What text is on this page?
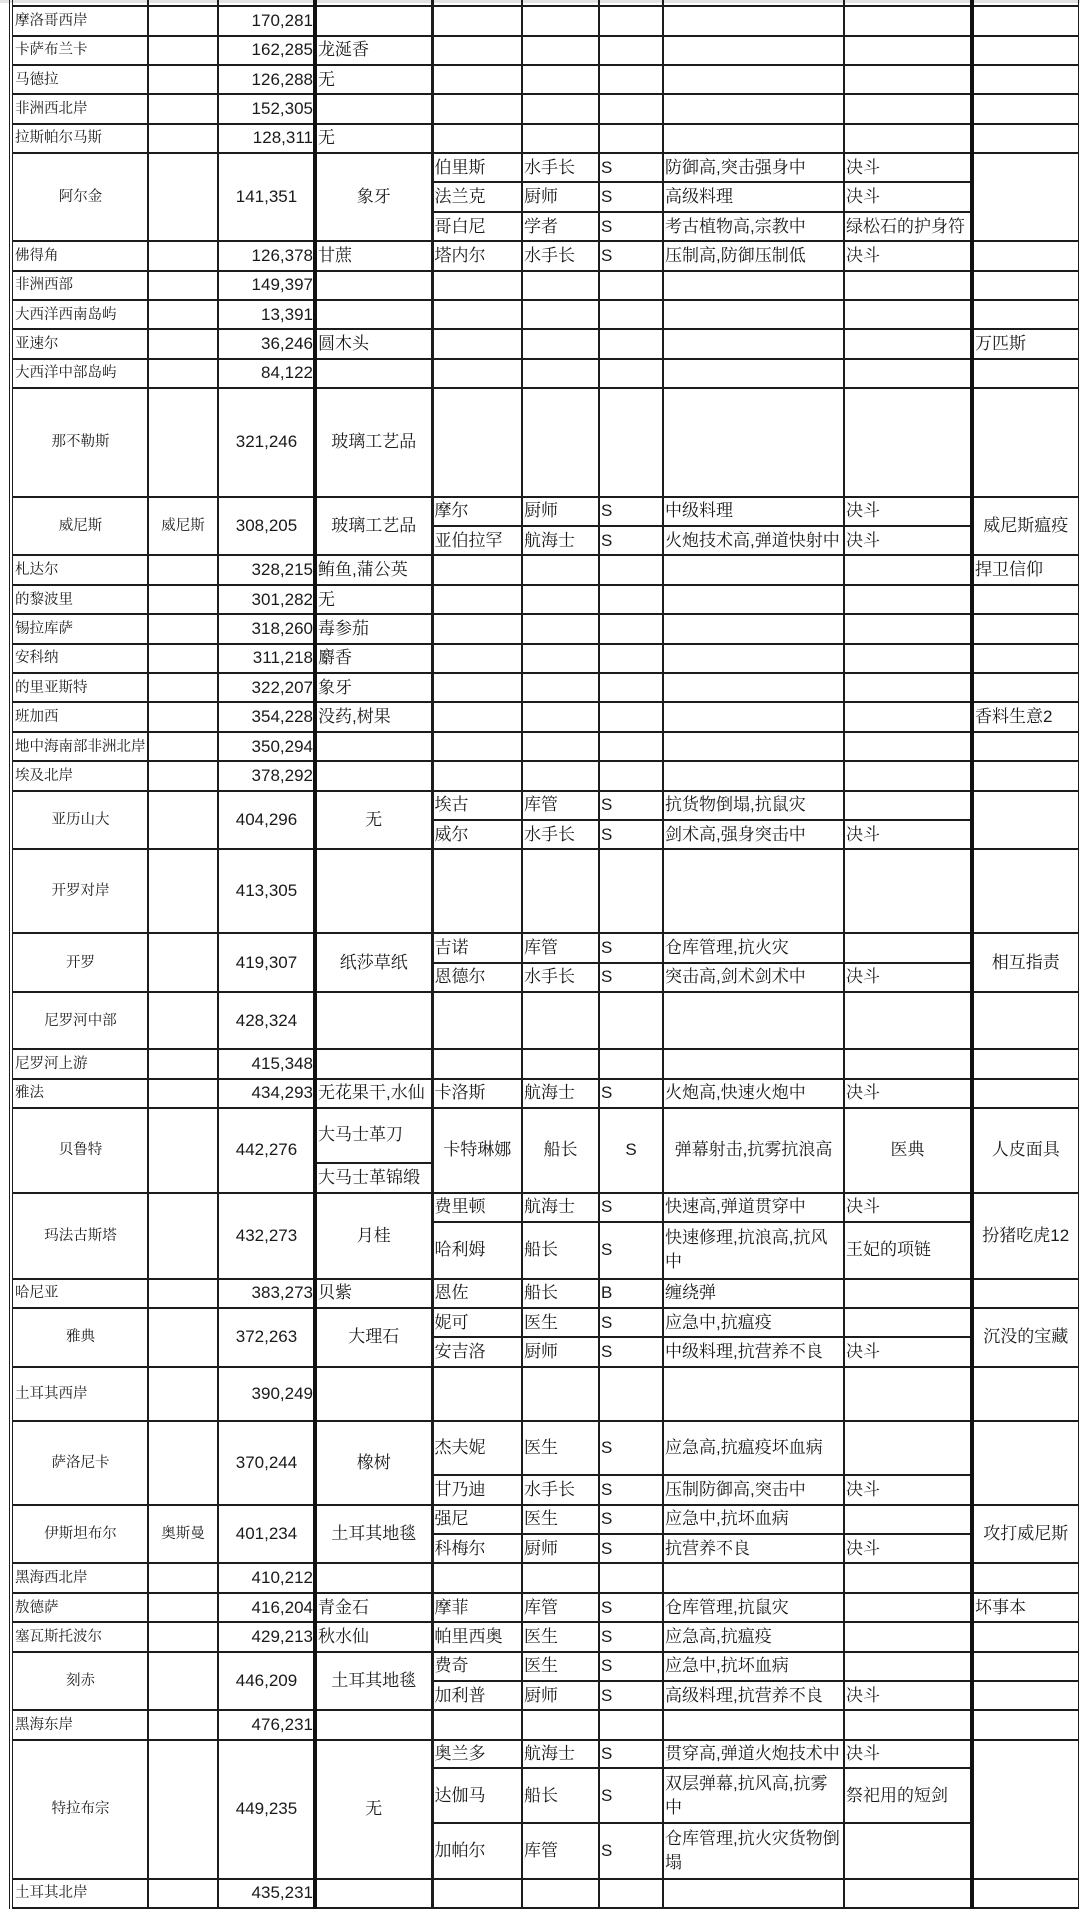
摩洛哥西岸		170,281							
卡萨布兰卡		162,285	龙涎香						
马德拉		126,288	无						
非洲西北岸		152,305							
拉斯帕尔马斯		128,311	无						
阿尔金		141,351	象牙	伯里斯	水手长	S	防御高,突击强身中	决斗	
				法兰克	厨师	S	高级料理	决斗	
				哥白尼	学者	S	考古植物高,宗教中	绿松石的护身符	
佛得角		126,378	甘蔗	塔内尔	水手长	S	压制高,防御压制低	决斗	
非洲西部		149,397							
大西洋西南岛屿		13,391							
亚速尔		36,246	圆木头						万匹斯
大西洋中部岛屿		84,122							
那不勒斯		321,246	玻璃工艺品						
威尼斯	威尼斯	308,205	玻璃工艺品	摩尔	厨师	S	中级料理	决斗	威尼斯瘟疫
				亚伯拉罕	航海士	S	火炮技术高,弹道快射中	决斗	
札达尔		328,215	鲔鱼,蒲公英						捍卫信仰
的黎波里		301,282	无						
锡拉库萨		318,260	毒参茄						
安科纳		311,218	麝香						
的里亚斯特		322,207	象牙						
班加西		354,228	没药,树果						香料生意2
地中海南部非洲北岸		350,294							
埃及北岸		378,292							
亚历山大		404,296	无	埃古	库管	S	抗货物倒塌,抗鼠灾		
				威尔	水手长	S	剑术高,强身突击中	决斗	
开罗对岸		413,305							
开罗		419,307	纸莎草纸	吉诺	库管	S	仓库管理,抗火灾		相互指责
				恩德尔	水手长	S	突击高,剑术剑术中	决斗	
尼罗河中部		428,324							
尼罗河上游		415,348							
雅法		434,293	无花果干,水仙	卡洛斯	航海士	S	火炮高,快速火炮中	决斗	
贝鲁特		442,276	大马士革刀	卡特琳娜	船长	S	弹幕射击,抗雾抗浪高	医典	人皮面具
			大马士革锦缎						
玛法古斯塔		432,273	月桂	费里顿	航海士	S	快速高,弹道贯穿中	决斗	扮猪吃虎12
				哈利姆	船长	S	快速修理,抗浪高,抗风中	王妃的项链	
哈尼亚		383,273	贝紫	恩佐	船长	B	缠绕弹		
雅典		372,263	大理石	妮可	医生	S	应急中,抗瘟疫		沉没的宝藏
				安吉洛	厨师	S	中级料理,抗营养不良	决斗	
土耳其西岸		390,249							
萨洛尼卡		370,244	橡树	杰夫妮	医生	S	应急高,抗瘟疫坏血病		
				甘乃迪	水手长	S	压制防御高,突击中	决斗	
伊斯坦布尔	奥斯曼	401,234	土耳其地毯	强尼	医生	S	应急中,抗坏血病		攻打威尼斯
				科梅尔	厨师	S	抗营养不良	决斗	
黑海西北岸		410,212							
敖德萨		416,204	青金石	摩菲	库管	S	仓库管理,抗鼠灾		坏事本
塞瓦斯托波尔		429,213	秋水仙	帕里西奥	医生	S	应急高,抗瘟疫		
刻赤		446,209	土耳其地毯	费奇	医生	S	应急中,抗坏血病		
				加利普	厨师	S	高级料理,抗营养不良	决斗	
黑海东岸		476,231							
特拉布宗		449,235	无	奥兰多	航海士	S	贯穿高,弹道火炮技术中	决斗	
				达伽马	船长	S	双层弹幕,抗风高,抗雾中	祭祀用的短剑	
				加帕尔	库管	S	仓库管理,抗火灾货物倒塌		
土耳其北岸		435,231							
